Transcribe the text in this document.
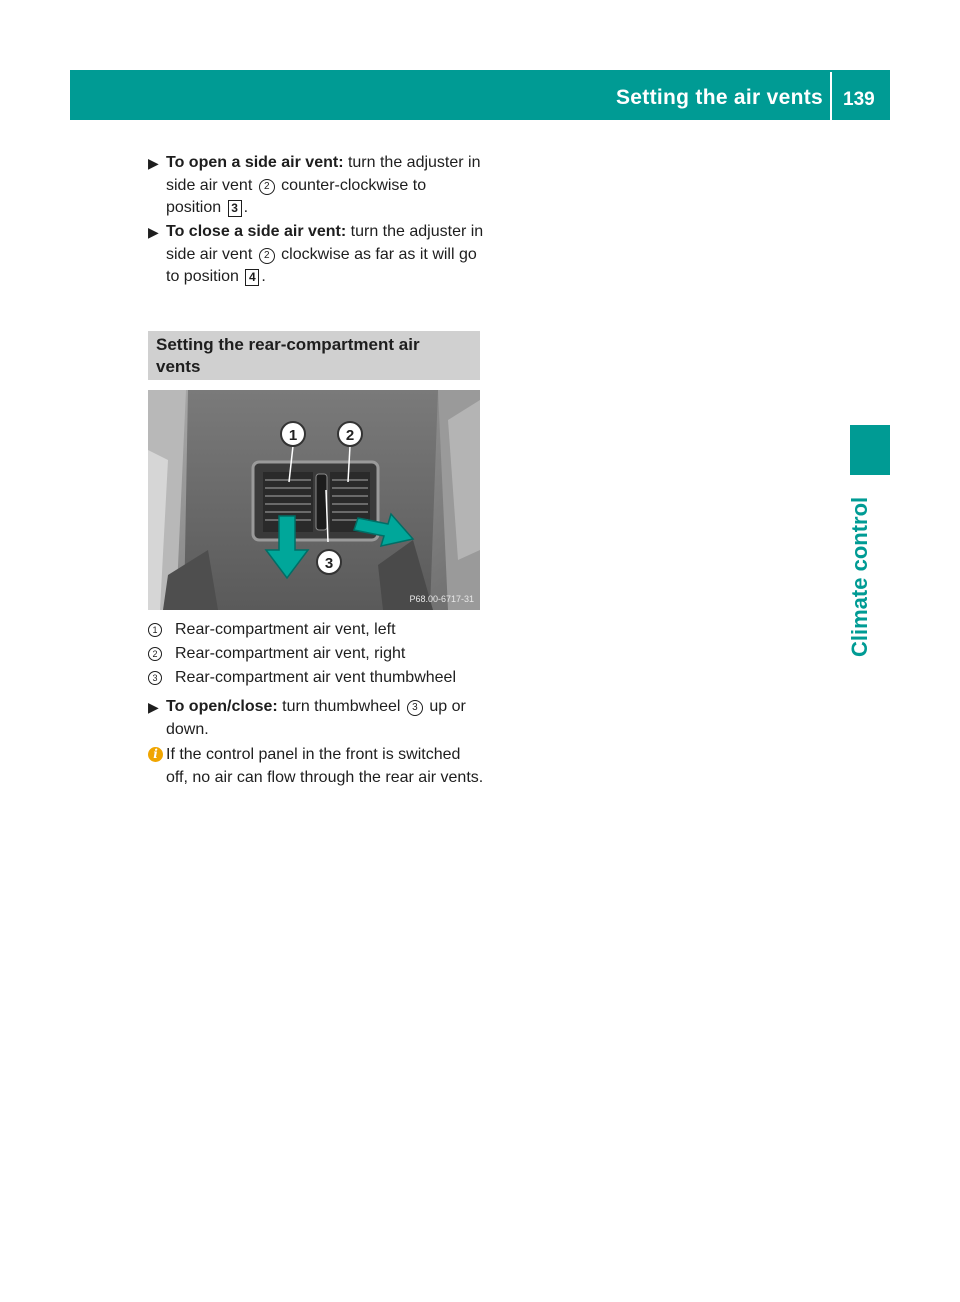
Setting the air vents 139
Climate control
▶ To open a side air vent: turn the adjuster in side air vent 2 counter-clockwise to position 3 .
▶ To close a side air vent: turn the adjuster in side air vent 2 clockwise as far as it will go to position 4 .
Setting the rear-compartment air vents
1	2
3
P68.00-6717-31
1 Rear-compartment air vent, left
2 Rear-compartment air vent, right
3 Rear-compartment air vent thumbwheel
▶ To open/close: turn thumbwheel 3 up or down.
i If the control panel in the front is switched off, no air can flow through the rear air vents.
